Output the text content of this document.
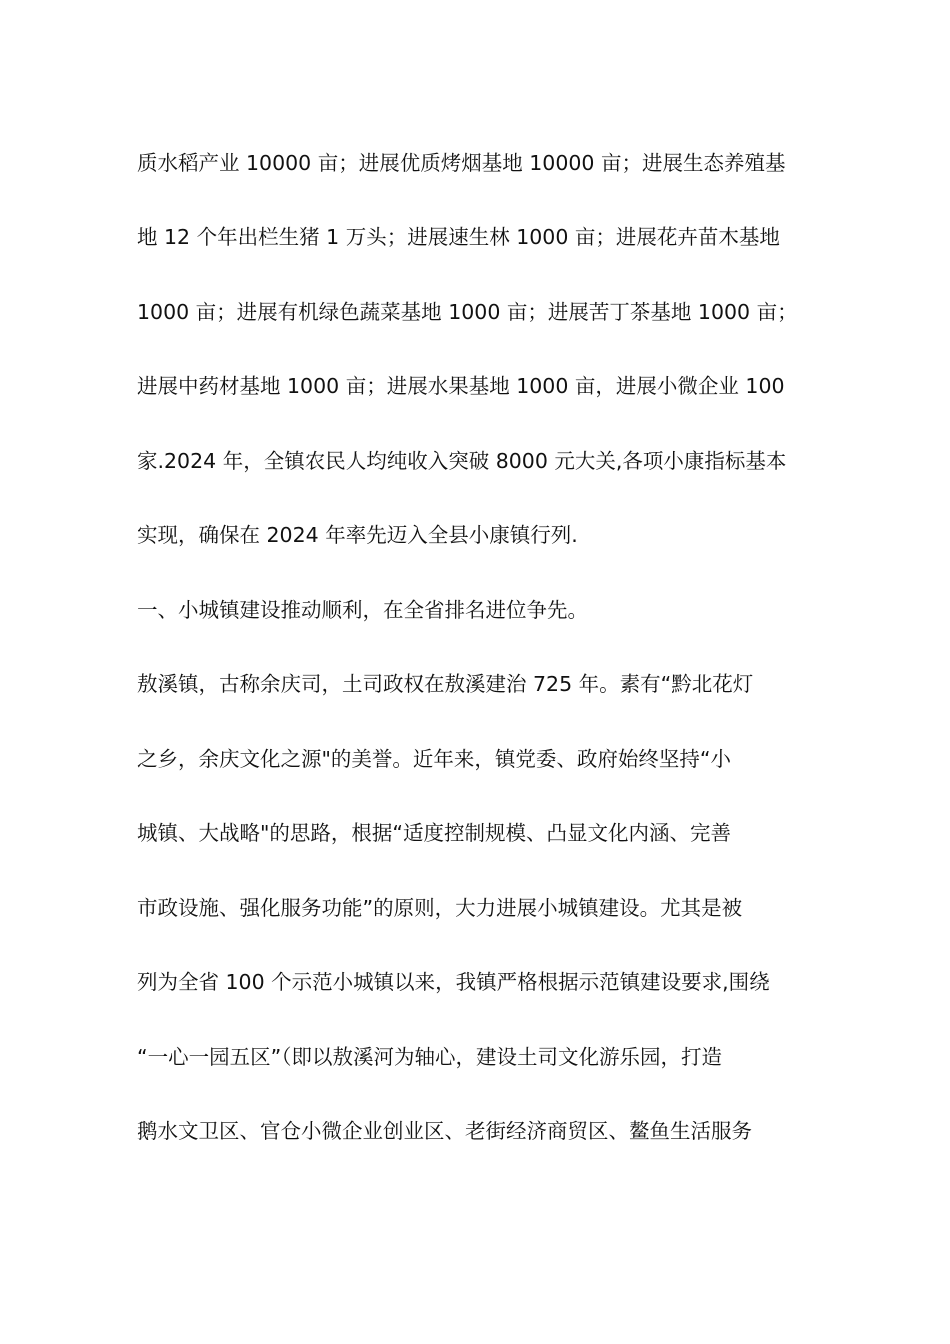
质水稻产业 10000 亩；进展优质烤烟基地 10000 亩；进展生态养殖基
地 12 个年出栏生猪 1 万头；进展速生林 1000 亩；进展花卉苗木基地
1000 亩；进展有机绿色蔬菜基地 1000 亩；进展苦丁茶基地 1000 亩；
进展中药材基地 1000 亩；进展水果基地 1000 亩，进展小微企业 100
家.2024 年，全镇农民人均纯收入突破 8000 元大关,各项小康指标基本
实现，确保在 2024 年率先迈入全县小康镇行列.
一、小城镇建设推动顺利，在全省排名进位争先。
敖溪镇，古称余庆司，土司政权在敖溪建治 725 年。素有“黔北花灯
之乡，余庆文化之源"的美誉。近年来，镇党委、政府始终坚持“小
城镇、大战略"的思路，根据“适度控制规模、凸显文化内涵、完善
市政设施、强化服务功能”的原则，大力进展小城镇建设。尤其是被
列为全省 100 个示范小城镇以来，我镇严格根据示范镇建设要求,围绕
“一心一园五区”（即以敖溪河为轴心，建设土司文化游乐园，打造
鹅水文卫区、官仓小微企业创业区、老街经济商贸区、鳌鱼生活服务
